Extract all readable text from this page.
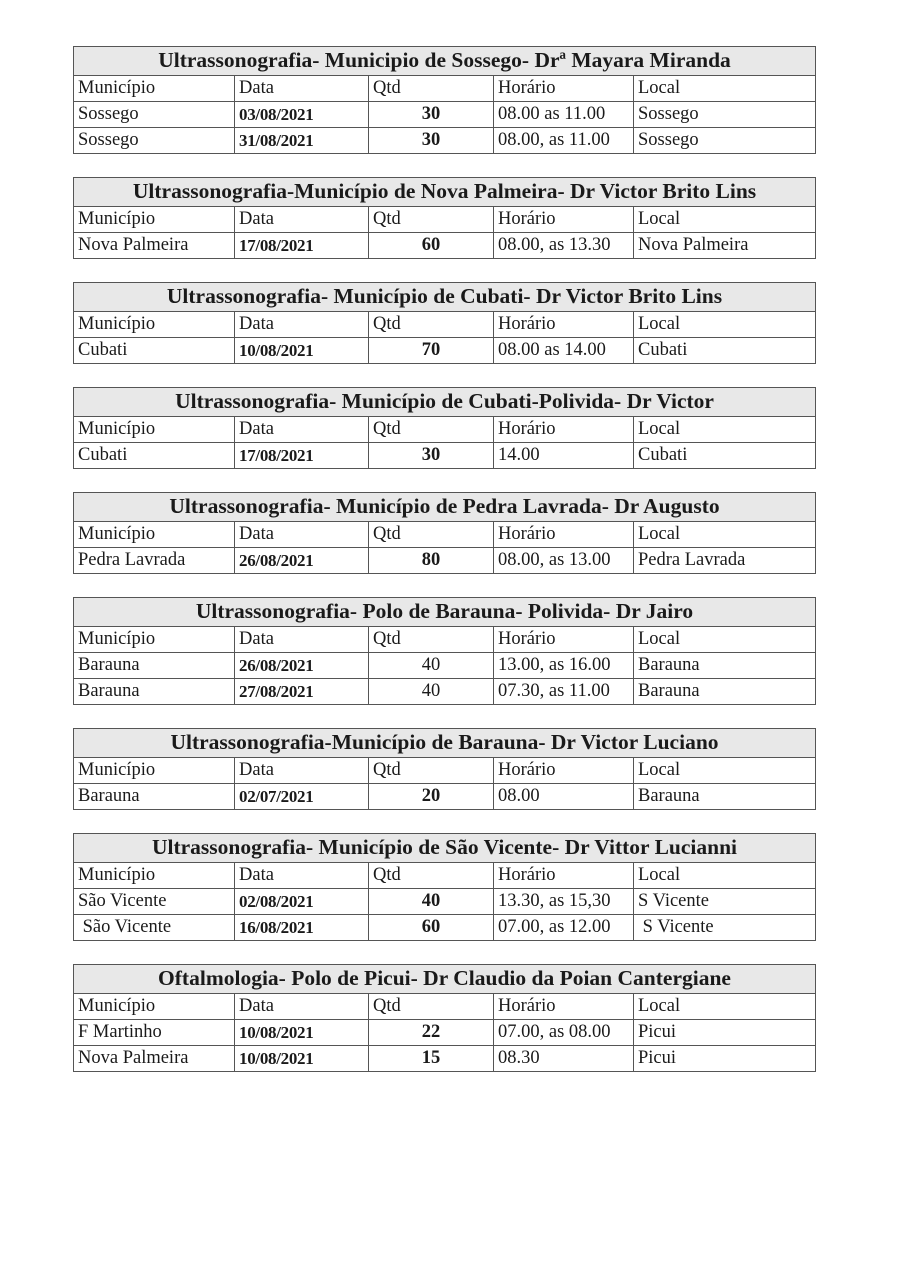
Ultrassonografia- Municipio de Sossego- Drª Mayara Miranda				
Município	Data	Qtd	Horário	Local
Sossego	03/08/2021	30	08.00 as 11.00	Sossego
Sossego	31/08/2021	30	08.00, as 11.00	Sossego
Ultrassonografia-Município de Nova Palmeira- Dr Victor Brito Lins				
Município	Data	Qtd	Horário	Local
Nova Palmeira	17/08/2021	60	08.00, as 13.30	Nova Palmeira
Ultrassonografia- Município de Cubati- Dr Victor Brito Lins				
Município	Data	Qtd	Horário	Local
Cubati	10/08/2021	70	08.00 as 14.00	Cubati
Ultrassonografia- Município de Cubati-Polivida- Dr Victor				
Município	Data	Qtd	Horário	Local
Cubati	17/08/2021	30	14.00	Cubati
Ultrassonografia- Município de Pedra Lavrada- Dr Augusto				
Município	Data	Qtd	Horário	Local
Pedra Lavrada	26/08/2021	80	08.00, as 13.00	Pedra Lavrada
Ultrassonografia- Polo de Barauna- Polivida- Dr Jairo				
Município	Data	Qtd	Horário	Local
Barauna	26/08/2021	40	13.00, as 16.00	Barauna
Barauna	27/08/2021	40	07.30, as 11.00	Barauna
Ultrassonografia-Município de Barauna- Dr Victor Luciano				
Município	Data	Qtd	Horário	Local
Barauna	02/07/2021	20	08.00	Barauna
Ultrassonografia- Município de São Vicente- Dr Vittor Lucianni				
Município	Data	Qtd	Horário	Local
São Vicente	02/08/2021	40	13.30, as 15,30	S Vicente
São Vicente	16/08/2021	60	07.00, as 12.00	S Vicente
Oftalmologia- Polo de Picui- Dr Claudio da Poian Cantergiane				
Município	Data	Qtd	Horário	Local
F Martinho	10/08/2021	22	07.00, as 08.00	Picui
Nova Palmeira	10/08/2021	15	08.30	Picui
